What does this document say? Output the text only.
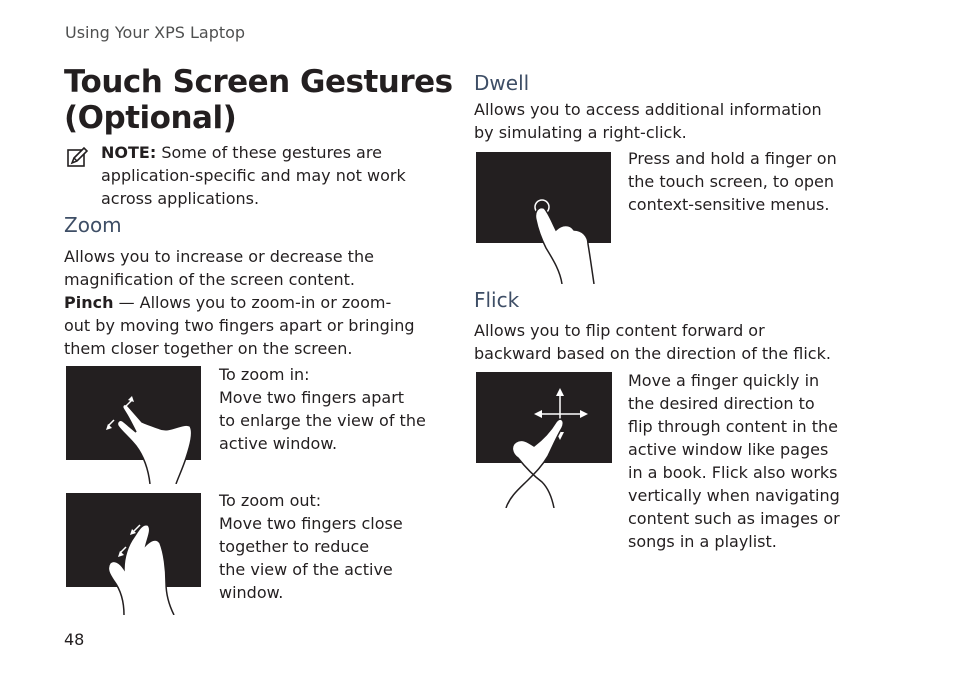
Using Your XPS Laptop
Touch Screen Gestures
(Optional)
NOTE: Some of these gestures are
application-specific and may not work
across applications.
Zoom
Allows you to increase or decrease the
magnification of the screen content.
Pinch — Allows you to zoom-in or zoom-
out by moving two fingers apart or bringing
them closer together on the screen.
To zoom in:
Move two fingers apart
to enlarge the view of the
active window.
To zoom out:
Move two fingers close
together to reduce
the view of the active
window.
Dwell
Allows you to access additional information
by simulating a right-click.
Press and hold a finger on
the touch screen, to open
context-sensitive menus.
Flick
Allows you to flip content forward or
backward based on the direction of the flick.
Move a finger quickly in
the desired direction to
flip through content in the
active window like pages
in a book. Flick also works
vertically when navigating
content such as images or
songs in a playlist.
48
